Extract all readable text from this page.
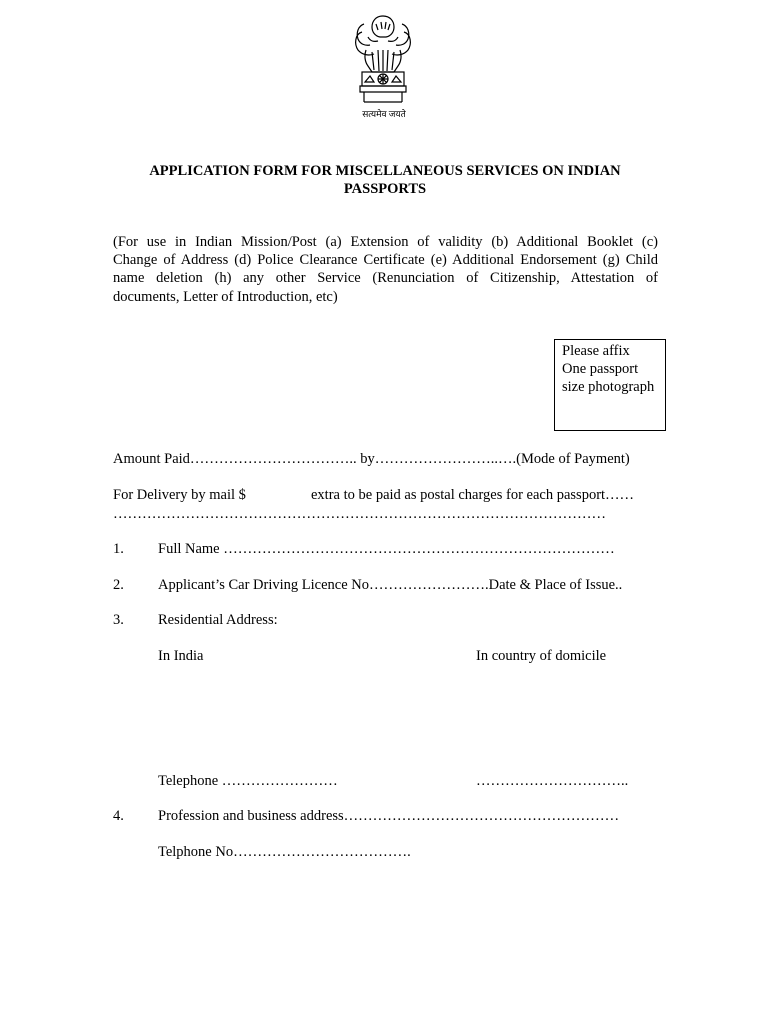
सत्यमेव जयते
APPLICATION FORM FOR MISCELLANEOUS SERVICES ON INDIAN
PASSPORTS
(For use in Indian Mission/Post (a) Extension of validity (b) Additional Booklet (c)
Change of Address (d) Police Clearance Certificate (e) Additional Endorsement (g) Child
name deletion (h) any other Service (Renunciation of Citizenship, Attestation of
documents, Letter of Introduction, etc)
Please affix
One passport
size photograph
Amount Paid…………………………….. by……………………..….(Mode of Payment)
For Delivery by mail $	extra to be paid as postal charges for each passport……
…………………………………………………………………………………………
1. Full Name ………………………………………………………………………
2. Applicant’s Car Driving Licence No…………………….Date & Place of Issue..
3. Residential Address:
In India	In country of domicile
Telephone ……………………	…………………………..
4. Profession and business address…………………………………………………
Telphone No……………………………….
